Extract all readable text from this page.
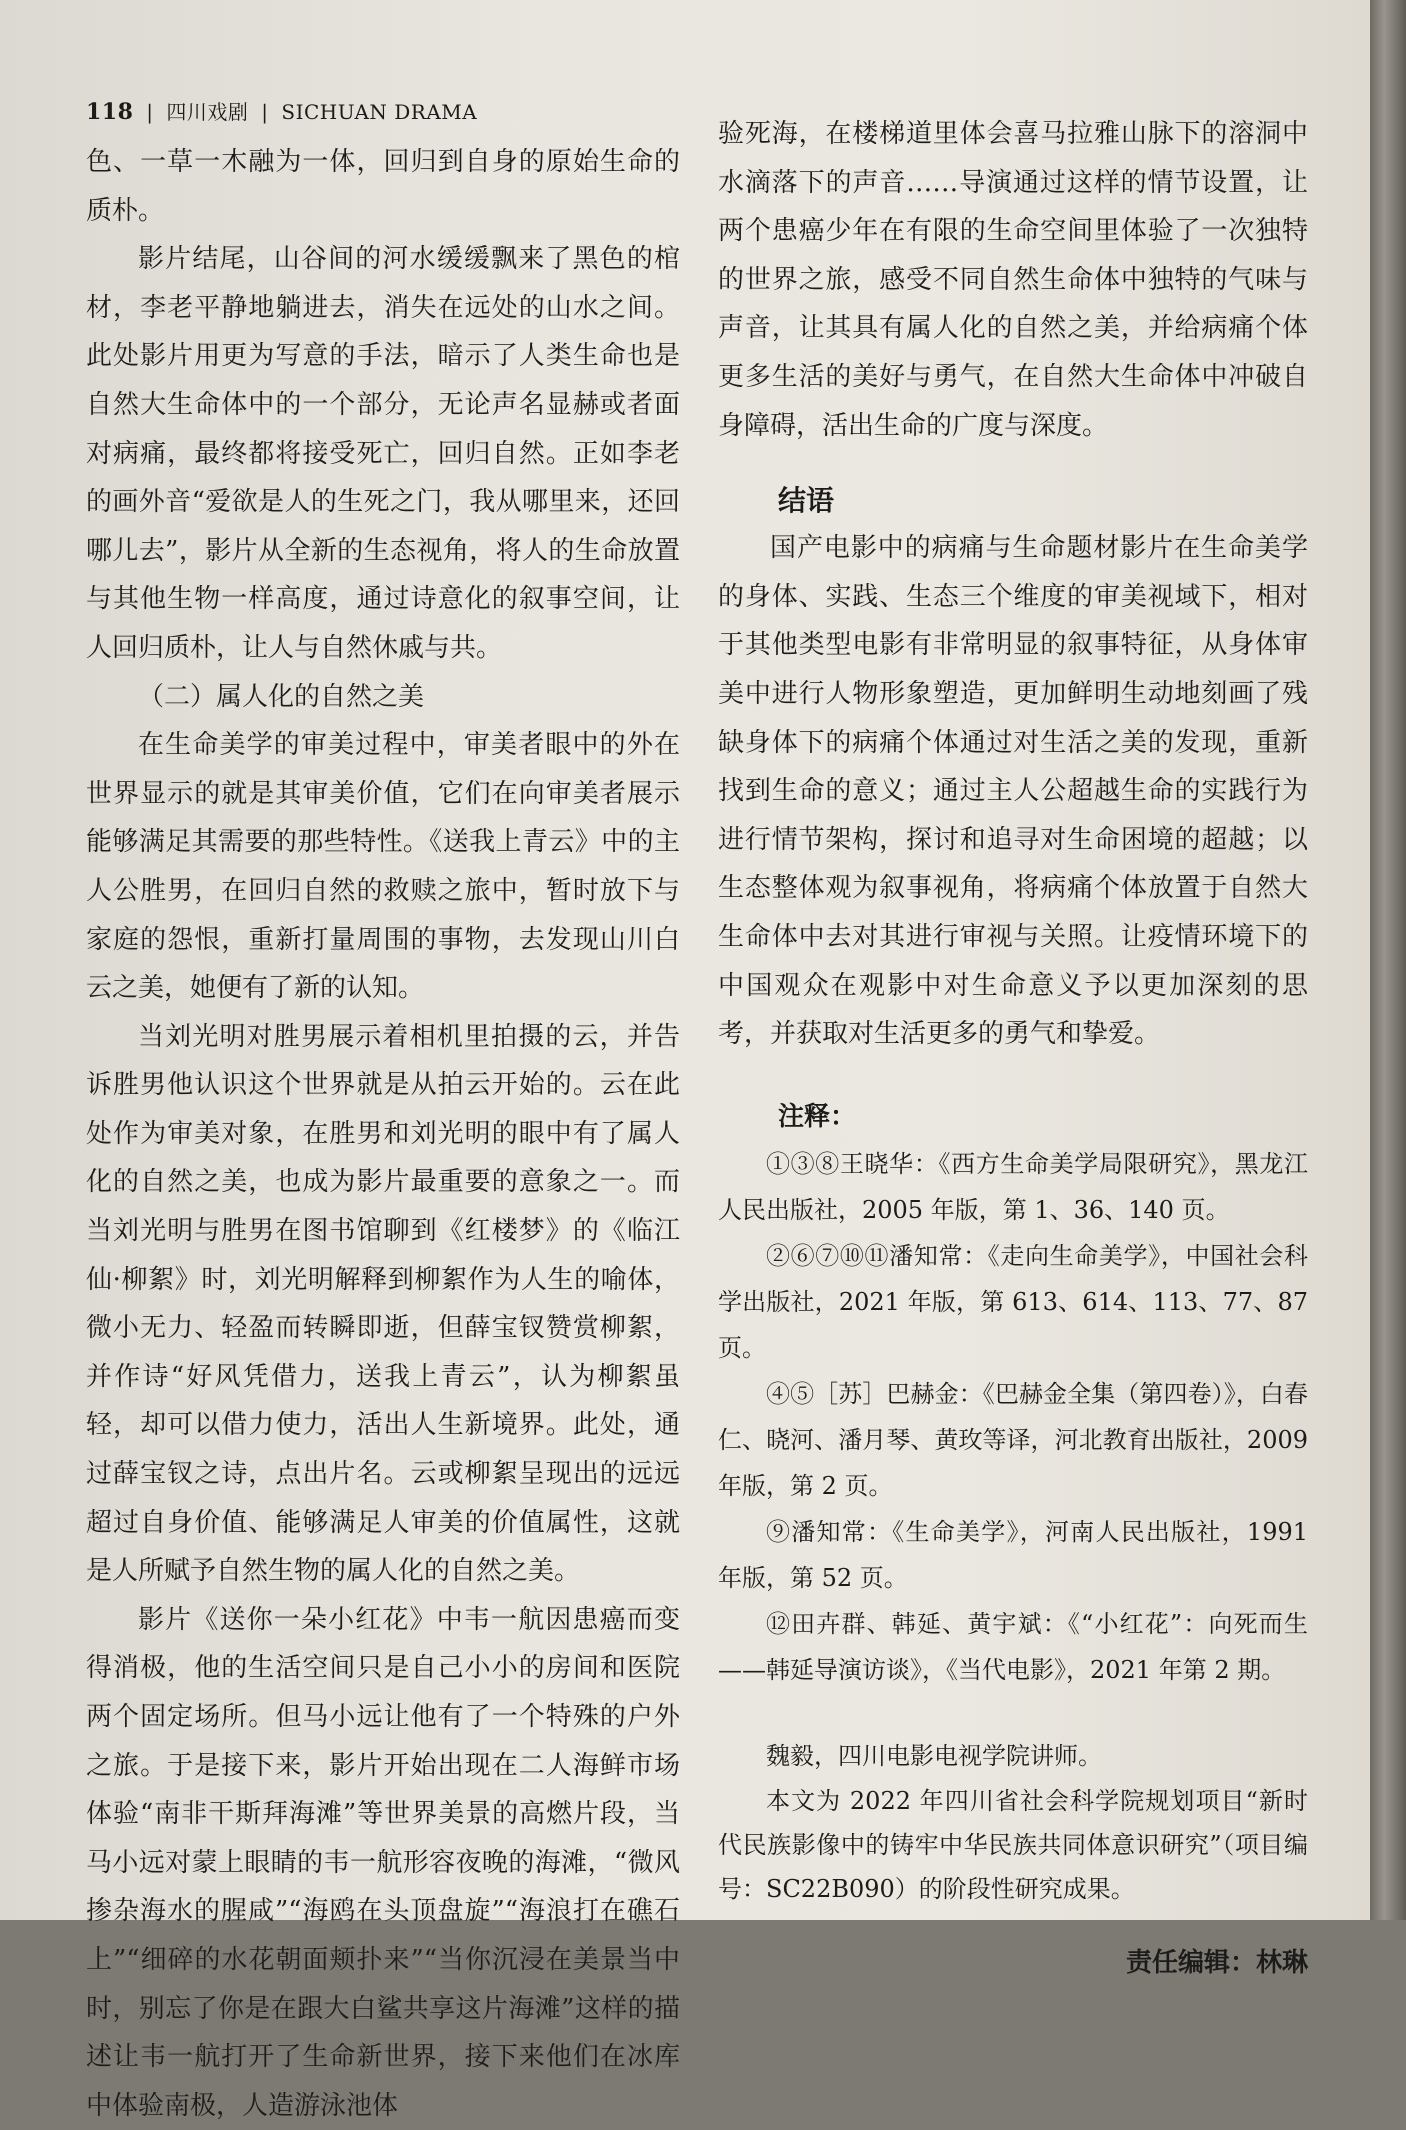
118 | 四川戏剧 | SICHUAN DRAMA

色、一草一木融为一体，回归到自身的原始生命的质朴。

影片结尾，山谷间的河水缓缓飘来了黑色的棺材，李老平静地躺进去，消失在远处的山水之间。此处影片用更为写意的手法，暗示了人类生命也是自然大生命体中的一个部分，无论声名显赫或者面对病痛，最终都将接受死亡，回归自然。正如李老的画外音“爱欲是人的生死之门，我从哪里来，还回哪儿去”，影片从全新的生态视角，将人的生命放置与其他生物一样高度，通过诗意化的叙事空间，让人回归质朴，让人与自然休戚与共。

（二）属人化的自然之美

在生命美学的审美过程中，审美者眼中的外在世界显示的就是其审美价值，它们在向审美者展示能够满足其需要的那些特性。《送我上青云》中的主人公胜男，在回归自然的救赎之旅中，暂时放下与家庭的怨恨，重新打量周围的事物，去发现山川白云之美，她便有了新的认知。

当刘光明对胜男展示着相机里拍摄的云，并告诉胜男他认识这个世界就是从拍云开始的。云在此处作为审美对象，在胜男和刘光明的眼中有了属人化的自然之美，也成为影片最重要的意象之一。而当刘光明与胜男在图书馆聊到《红楼梦》的《临江仙·柳絮》时，刘光明解释到柳絮作为人生的喻体，微小无力、轻盈而转瞬即逝，但薛宝钗赞赏柳絮，并作诗“好风凭借力，送我上青云”，认为柳絮虽轻，却可以借力使力，活出人生新境界。此处，通过薛宝钗之诗，点出片名。云或柳絮呈现出的远远超过自身价值、能够满足人审美的价值属性，这就是人所赋予自然生物的属人化的自然之美。

影片《送你一朵小红花》中韦一航因患癌而变得消极，他的生活空间只是自己小小的房间和医院两个固定场所。但马小远让他有了一个特殊的户外之旅。于是接下来，影片开始出现在二人海鲜市场体验“南非干斯拜海滩”等世界美景的高燃片段，当马小远对蒙上眼睛的韦一航形容夜晚的海滩，“微风掺杂海水的腥咸”“海鸥在头顶盘旋”“海浪打在礁石上”“细碎的水花朝面颊扑来”“当你沉浸在美景当中时，别忘了你是在跟大白鲨共享这片海滩”这样的描述让韦一航打开了生命新世界，接下来他们在冰库中体验南极，人造游泳池体

验死海，在楼梯道里体会喜马拉雅山脉下的溶洞中水滴落下的声音……导演通过这样的情节设置，让两个患癌少年在有限的生命空间里体验了一次独特的世界之旅，感受不同自然生命体中独特的气味与声音，让其具有属人化的自然之美，并给病痛个体更多生活的美好与勇气，在自然大生命体中冲破自身障碍，活出生命的广度与深度。

结语

国产电影中的病痛与生命题材影片在生命美学的身体、实践、生态三个维度的审美视域下，相对于其他类型电影有非常明显的叙事特征，从身体审美中进行人物形象塑造，更加鲜明生动地刻画了残缺身体下的病痛个体通过对生活之美的发现，重新找到生命的意义；通过主人公超越生命的实践行为进行情节架构，探讨和追寻对生命困境的超越；以生态整体观为叙事视角，将病痛个体放置于自然大生命体中去对其进行审视与关照。让疫情环境下的中国观众在观影中对生命意义予以更加深刻的思考，并获取对生活更多的勇气和挚爱。

注释：

①③⑧王晓华：《西方生命美学局限研究》，黑龙江人民出版社，2005 年版，第 1、36、140 页。

②⑥⑦⑩⑪潘知常：《走向生命美学》，中国社会科学出版社，2021 年版，第 613、614、113、77、87 页。

④⑤［苏］巴赫金：《巴赫金全集（第四卷）》，白春仁、晓河、潘月琴、黄玫等译，河北教育出版社，2009 年版，第 2 页。

⑨潘知常：《生命美学》，河南人民出版社，1991 年版，第 52 页。

⑫田卉群、韩延、黄宇斌：《“小红花”：向死而生——韩延导演访谈》，《当代电影》，2021 年第 2 期。

魏毅，四川电影电视学院讲师。

本文为 2022 年四川省社会科学院规划项目“新时代民族影像中的铸牢中华民族共同体意识研究”（项目编号：SC22B090）的阶段性研究成果。

责任编辑：林琳
